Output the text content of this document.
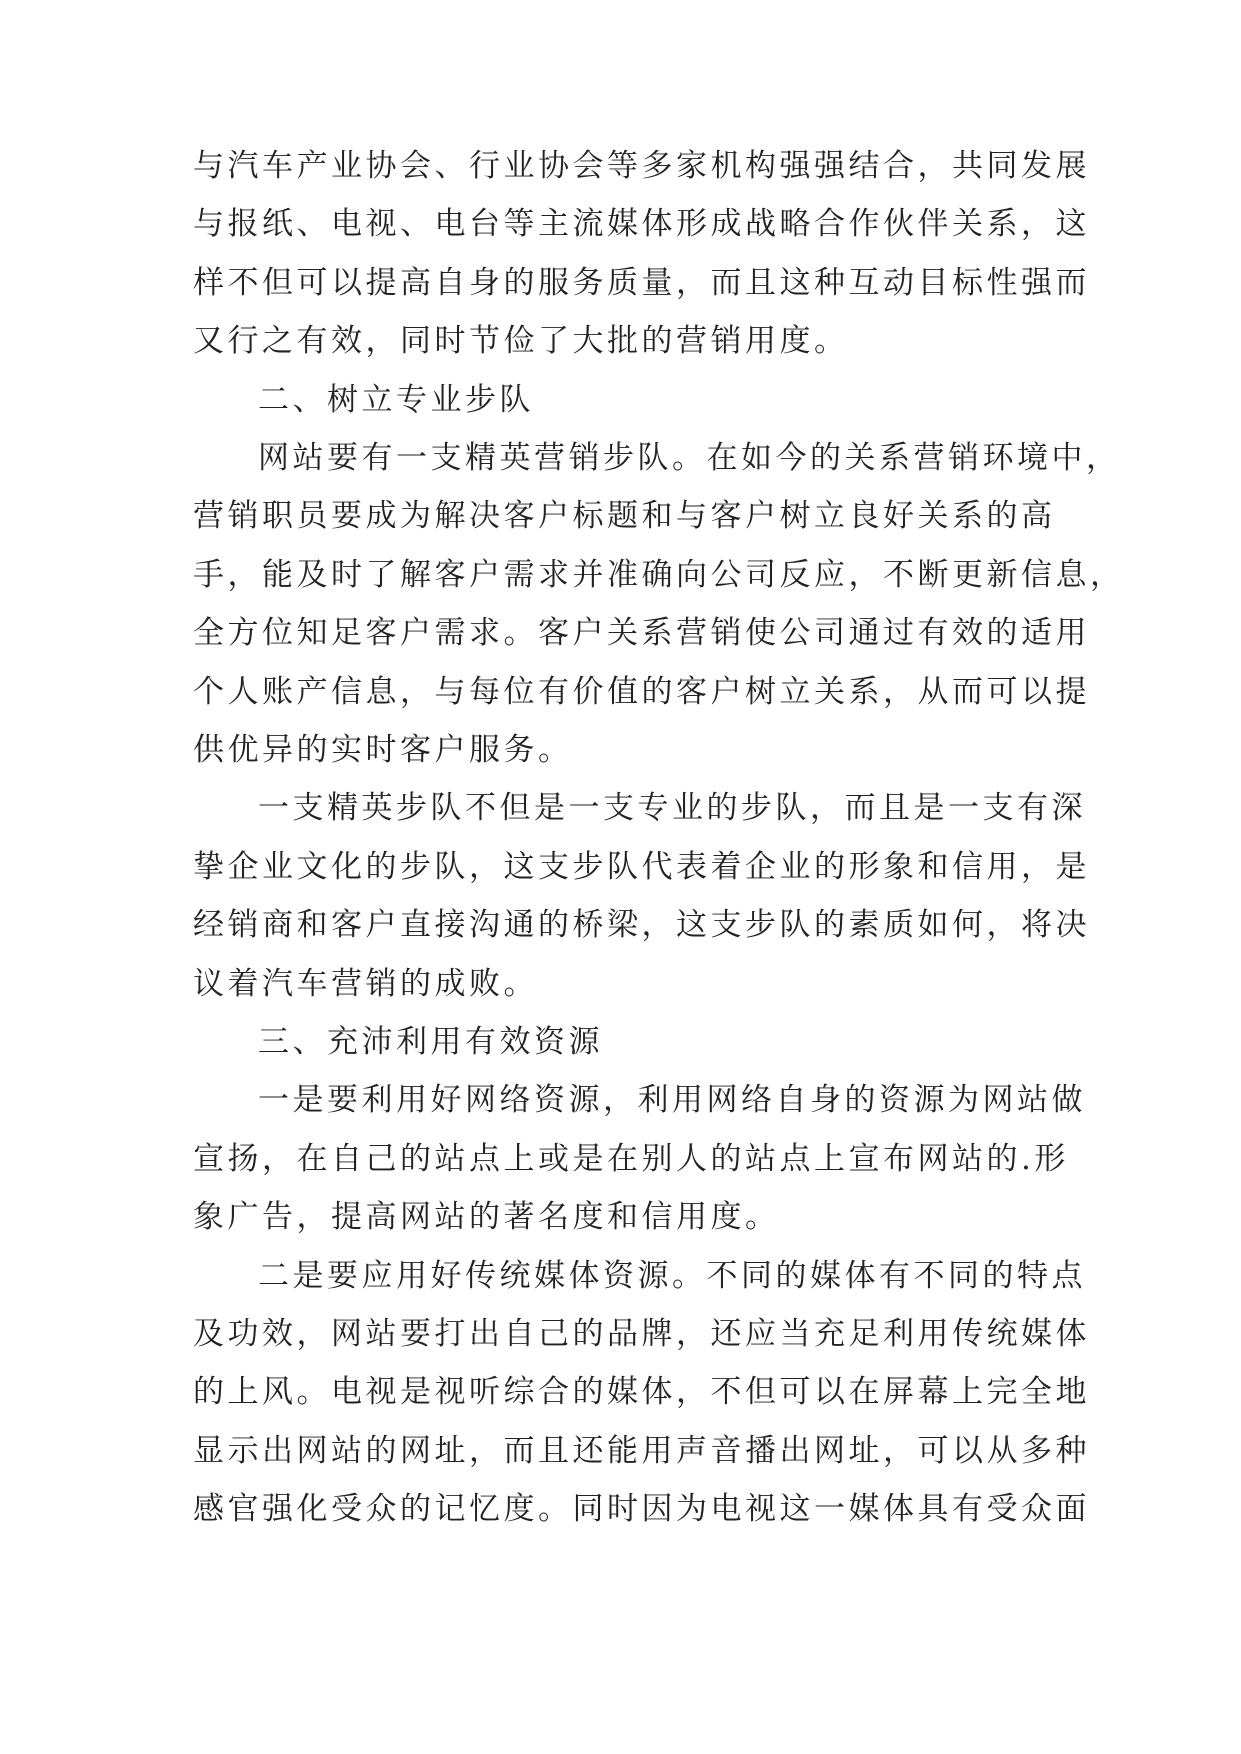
与汽车产业协会、行业协会等多家机构强强结合，共同发展
与报纸、电视、电台等主流媒体形成战略合作伙伴关系，这
样不但可以提高自身的服务质量，而且这种互动目标性强而
又行之有效，同时节俭了大批的营销用度。
二、树立专业步队
网站要有一支精英营销步队。在如今的关系营销环境中，
营销职员要成为解决客户标题和与客户树立良好关系的高
手，能及时了解客户需求并准确向公司反应，不断更新信息，
全方位知足客户需求。客户关系营销使公司通过有效的适用
个人账产信息，与每位有价值的客户树立关系，从而可以提
供优异的实时客户服务。
一支精英步队不但是一支专业的步队，而且是一支有深
挚企业文化的步队，这支步队代表着企业的形象和信用，是
经销商和客户直接沟通的桥梁，这支步队的素质如何，将决
议着汽车营销的成败。
三、充沛利用有效资源
一是要利用好网络资源，利用网络自身的资源为网站做
宣扬，在自己的站点上或是在别人的站点上宣布网站的.形
象广告，提高网站的著名度和信用度。
二是要应用好传统媒体资源。不同的媒体有不同的特点
及功效，网站要打出自己的品牌，还应当充足利用传统媒体
的上风。电视是视听综合的媒体，不但可以在屏幕上完全地
显示出网站的网址，而且还能用声音播出网址，可以从多种
感官强化受众的记忆度。同时因为电视这一媒体具有受众面
